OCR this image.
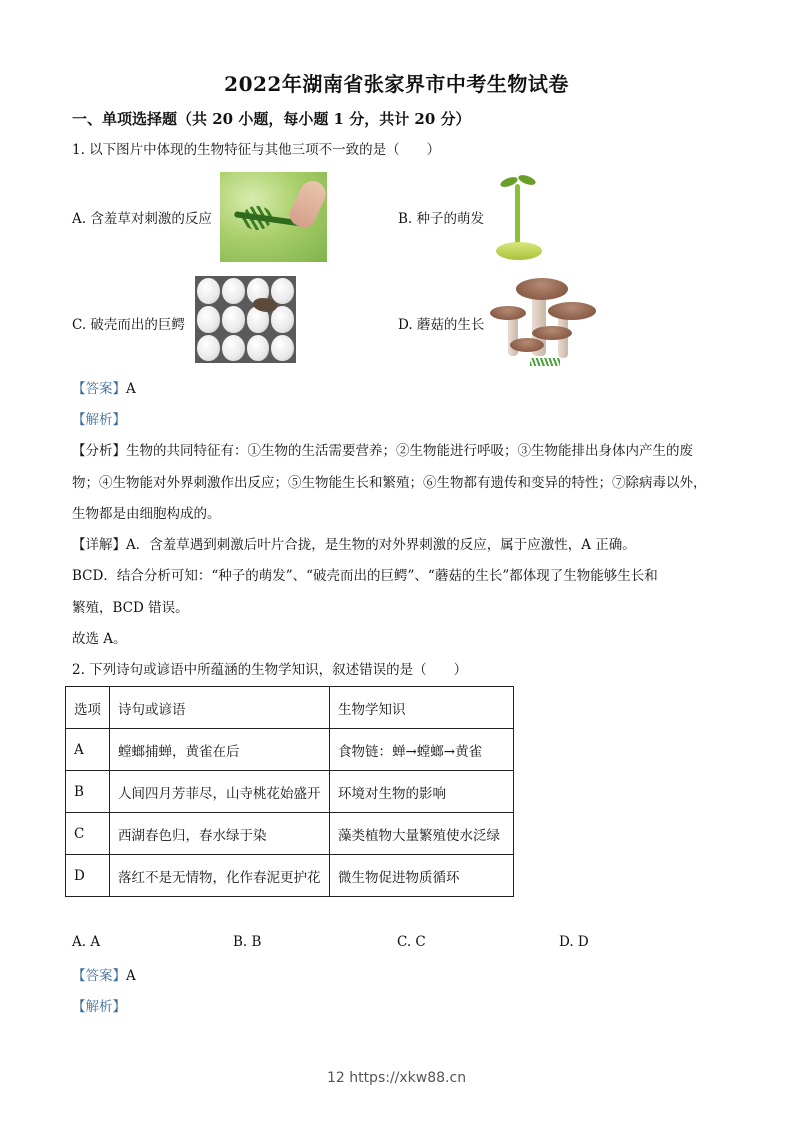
2022年湖南省张家界市中考生物试卷
一、单项选择题（共 20 小题，每小题 1 分，共计 20 分）
1. 以下图片中体现的生物特征与其他三项不一致的是（　　）
A. 含羞草对刺激的反应	B. 种子的萌发
C. 破壳而出的巨鳄	D. 蘑菇的生长
【答案】A
【解析】
【分析】生物的共同特征有：①生物的生活需要营养；②生物能进行呼吸；③生物能排出身体内产生的废
物；④生物能对外界刺激作出反应；⑤生物能生长和繁殖；⑥生物都有遗传和变异的特性；⑦除病毒以外，
生物都是由细胞构成的。
【详解】A．含羞草遇到刺激后叶片合拢，是生物的对外界刺激的反应，属于应激性，A 正确。
BCD．结合分析可知：“种子的萌发”、“破壳而出的巨鳄”、“蘑菇的生长”都体现了生物能够生长和
繁殖，BCD 错误。
故选 A。
2. 下列诗句或谚语中所蕴涵的生物学知识，叙述错误的是（　　）
选项	诗句或谚语	生物学知识
A	螳螂捕蝉，黄雀在后	食物链：蝉→螳螂→黄雀
B	人间四月芳菲尽，山寺桃花始盛开	环境对生物的影响
C	西湖春色归，春水绿于染	藻类植物大量繁殖使水泛绿
D	落红不是无情物，化作春泥更护花	微生物促进物质循环
A. A	B. B	C. C	D. D
【答案】A
【解析】
12 https://xkw88.cn
